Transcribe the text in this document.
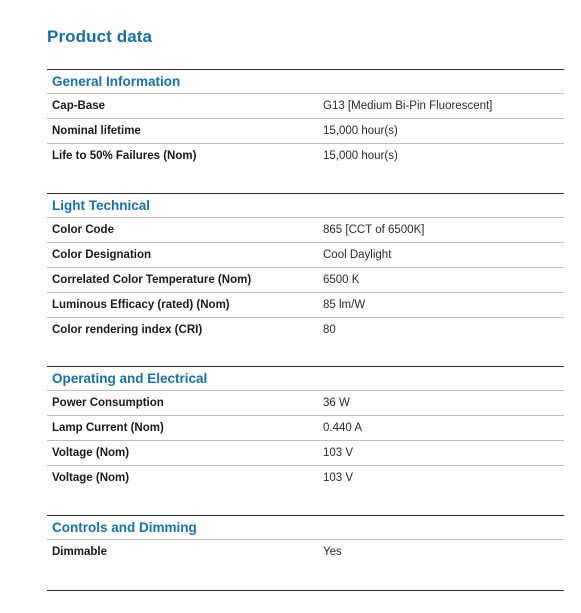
Product data
General Information
Cap-Base	G13 [Medium Bi-Pin Fluorescent]
Nominal lifetime	15,000 hour(s)
Life to 50% Failures (Nom)	15,000 hour(s)
Light Technical
Color Code	865 [CCT of 6500K]
Color Designation	Cool Daylight
Correlated Color Temperature (Nom)	6500 K
Luminous Efficacy (rated) (Nom)	85 lm/W
Color rendering index (CRI)	80
Operating and Electrical
Power Consumption	36 W
Lamp Current (Nom)	0.440 A
Voltage (Nom)	103 V
Voltage (Nom)	103 V
Controls and Dimming
Dimmable	Yes
